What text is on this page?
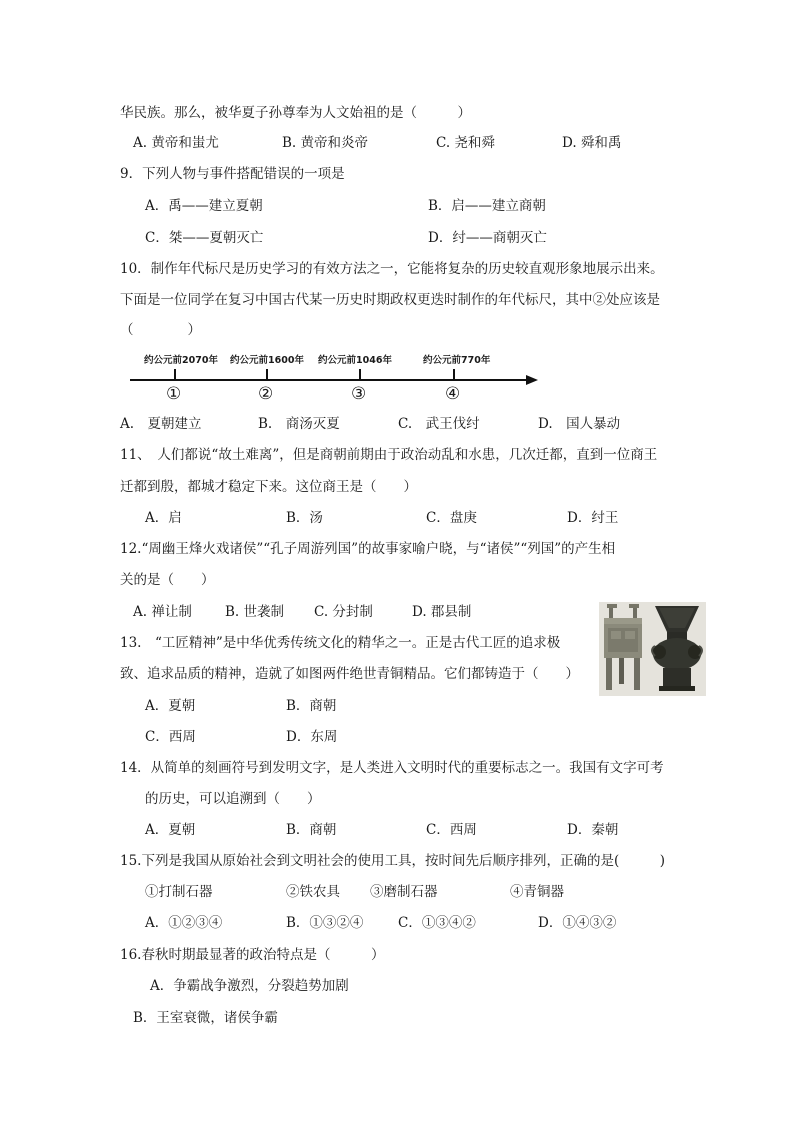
华民族。那么，被华夏子孙尊奉为人文始祖的是（　　　）
A. 黄帝和蚩尤	B. 黄帝和炎帝	C. 尧和舜	D. 舜和禹
9．下列人物与事件搭配错误的一项是
A．禹——建立夏朝	B．启——建立商朝
C．桀——夏朝灭亡	D．纣——商朝灭亡
10．制作年代标尺是历史学习的有效方法之一，它能将复杂的历史较直观形象地展示出来。
下面是一位同学在复习中国古代某一历史时期政权更迭时制作的年代标尺，其中②处应该是
（　　　　）
约公元前2070年 约公元前1600年 约公元前1046年	约公元前770年
①	②	③	④
A.　夏朝建立	B.　商汤灭夏	C.　武王伐纣	D.　国人暴动
11、　人们都说“故土难离”，但是商朝前期由于政治动乱和水患，几次迁都，直到一位商王
迁都到殷，都城才稳定下来。这位商王是（　　）
A．启	B．汤	C．盘庚	D．纣王
12.“周幽王烽火戏诸侯”“孔子周游列国”的故事家喻户晓，与“诸侯”“列国”的产生相
关的是（　　）
A. 禅让制 B. 世袭制 C. 分封制	D. 郡县制
13.　“工匠精神”是中华优秀传统文化的精华之一。正是古代工匠的追求极
致、追求品质的精神，造就了如图两件绝世青铜精品。它们都铸造于（　　）
A．夏朝	B．商朝
C．西周	D．东周
14．从简单的刻画符号到发明文字，是人类进入文明时代的重要标志之一。我国有文字可考
的历史，可以追溯到（　　）
A．夏朝	B．商朝	C．西周	D．秦朝
15.下列是我国从原始社会到文明社会的使用工具，按时间先后顺序排列，正确的是(　　　)
①打制石器	②铁农具 ③磨制石器	④青铜器
A．①②③④	B．①③②④	C．①③④②	D．①④③②
16.春秋时期最显著的政治特点是（　　　）
A．争霸战争激烈，分裂趋势加剧
B．王室衰微，诸侯争霸
